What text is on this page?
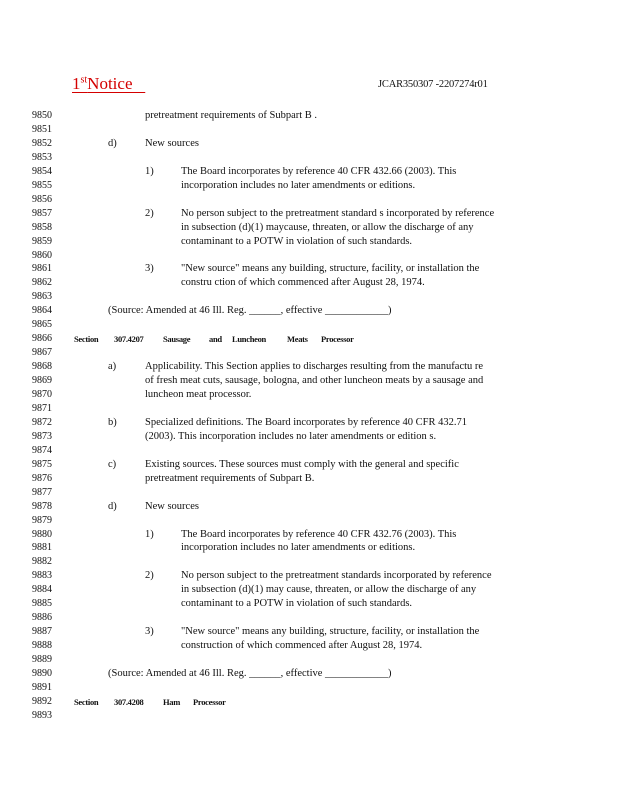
1stNotice	JCAR350307 -2207274r01
9850	pretreatment requirements of Subpart B .
9851
9852	d)	New sources
9853
9854	1)	The Board incorporates by reference 40 CFR 432.66 (2003). This
9855	incorporation includes no later amendments or editions.
9856
9857	2)	No person subject to the pretreatment standard s incorporated by reference
9858	in subsection (d)(1) maycause, threaten, or allow the discharge of any
9859	contaminant to a POTW in violation of such standards.
9860
9861	3)	"New source" means any building, structure, facility, or installation the
9862	constru ction of which commenced after August 28, 1974.
9863
9864	(Source: Amended at 46 Ill. Reg. ______, effective ____________)
9865
9866	Section 307.4207 Sausage and Luncheon Meats Processor
9867
9868	a)	Applicability. This Section applies to discharges resulting from the manufactu re
9869	of fresh meat cuts, sausage, bologna, and other luncheon meats by a sausage and
9870	luncheon meat processor.
9871
9872	b)	Specialized definitions. The Board incorporates by reference 40 CFR 432.71
9873	(2003). This incorporation includes no later amendments or edition s.
9874
9875	c)	Existing sources. These sources must comply with the general and specific
9876	pretreatment requirements of Subpart B.
9877
9878	d)	New sources
9879
9880	1)	The Board incorporates by reference 40 CFR 432.76 (2003). This
9881	incorporation includes no later amendments or editions.
9882
9883	2)	No person subject to the pretreatment standards incorporated by reference
9884	in subsection (d)(1) may cause, threaten, or allow the discharge of any
9885	contaminant to a POTW in violation of such standards.
9886
9887	3)	"New source" means any building, structure, facility, or installation the
9888	construction of which commenced after August 28, 1974.
9889
9890	(Source: Amended at 46 Ill. Reg. ______, effective ____________)
9891
9892	Section 307.4208 Ham Processor
9893
